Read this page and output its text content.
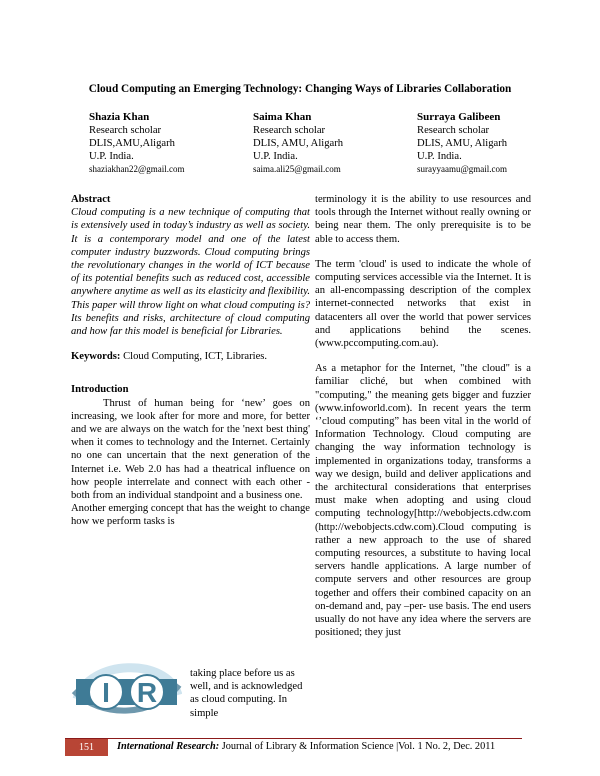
Cloud Computing an Emerging Technology: Changing Ways of Libraries Collaboration
Shazia Khan
Research scholar
DLIS,AMU,Aligarh
U.P. India.
shaziakhan22@gmail.com
Saima Khan
Research scholar
DLIS, AMU, Aligarh
U.P. India.
saima.ali25@gmail.com
Surraya Galibeen
Research scholar
DLIS, AMU, Aligarh
U.P. India.
surayyaamu@gmail.com

Abstract

Cloud computing is a new technique of computing that is extensively used in today’s industry as well as society. It is a contemporary model and one of the latest computer industry buzzwords. Cloud computing brings the revolutionary changes in the world of ICT because of its potential benefits such as reduced cost, accessible anywhere anytime as well as its elasticity and flexibility. This paper will throw light on what cloud computing is? Its benefits and risks, architecture of cloud computing and how far this model is beneficial for Libraries.

Keywords: Cloud Computing, ICT, Libraries.

Introduction

Thrust of human being for ‘new’ goes on increasing, we look after for more and more, for better and we are always on the watch for the 'next best thing' when it comes to technology and the Internet. Certainly no one can uncertain that the next generation of the Internet i.e. Web 2.0 has had a theatrical influence on how people interrelate and connect with each other - both from an individual standpoint and a business one.

Another emerging concept that has the weight to change how we perform tasks is

I R
taking place before us as well, and is acknowledged as cloud computing. In simple

terminology it is the ability to use resources and tools through the Internet without really owning or being near them. The only prerequisite is to be able to access them.

The term 'cloud' is used to indicate the whole of computing services accessible via the Internet. It is an all-encompassing description of the complex internet-connected networks that exist in datacenters all over the world that power services and applications behind the scenes. (www.pccomputing.com.au).

As a metaphor for the Internet, "the cloud" is a familiar cliché, but when combined with "computing," the meaning gets bigger and fuzzier (www.infoworld.com). In recent years the term ‘’cloud computing” has been vital in the world of Information Technology. Cloud computing are changing the way information technology is implemented in organizations today, transforms a way we design, build and deliver applications and the architectural considerations that enterprises must make when adopting and using cloud computing technology[http://webobjects.cdw.com (http://webobjects.cdw.com).Cloud computing is rather a new approach to the use of shared computing resources, a substitute to having local servers handle applications. A large number of compute servers and other resources are group together and offers their combined capacity on an on-demand and, pay –per- use basis. The end users usually do not have any idea where the servers are positioned; they just

151	International Research: Journal of Library & Information Science |Vol. 1 No. 2, Dec. 2011
